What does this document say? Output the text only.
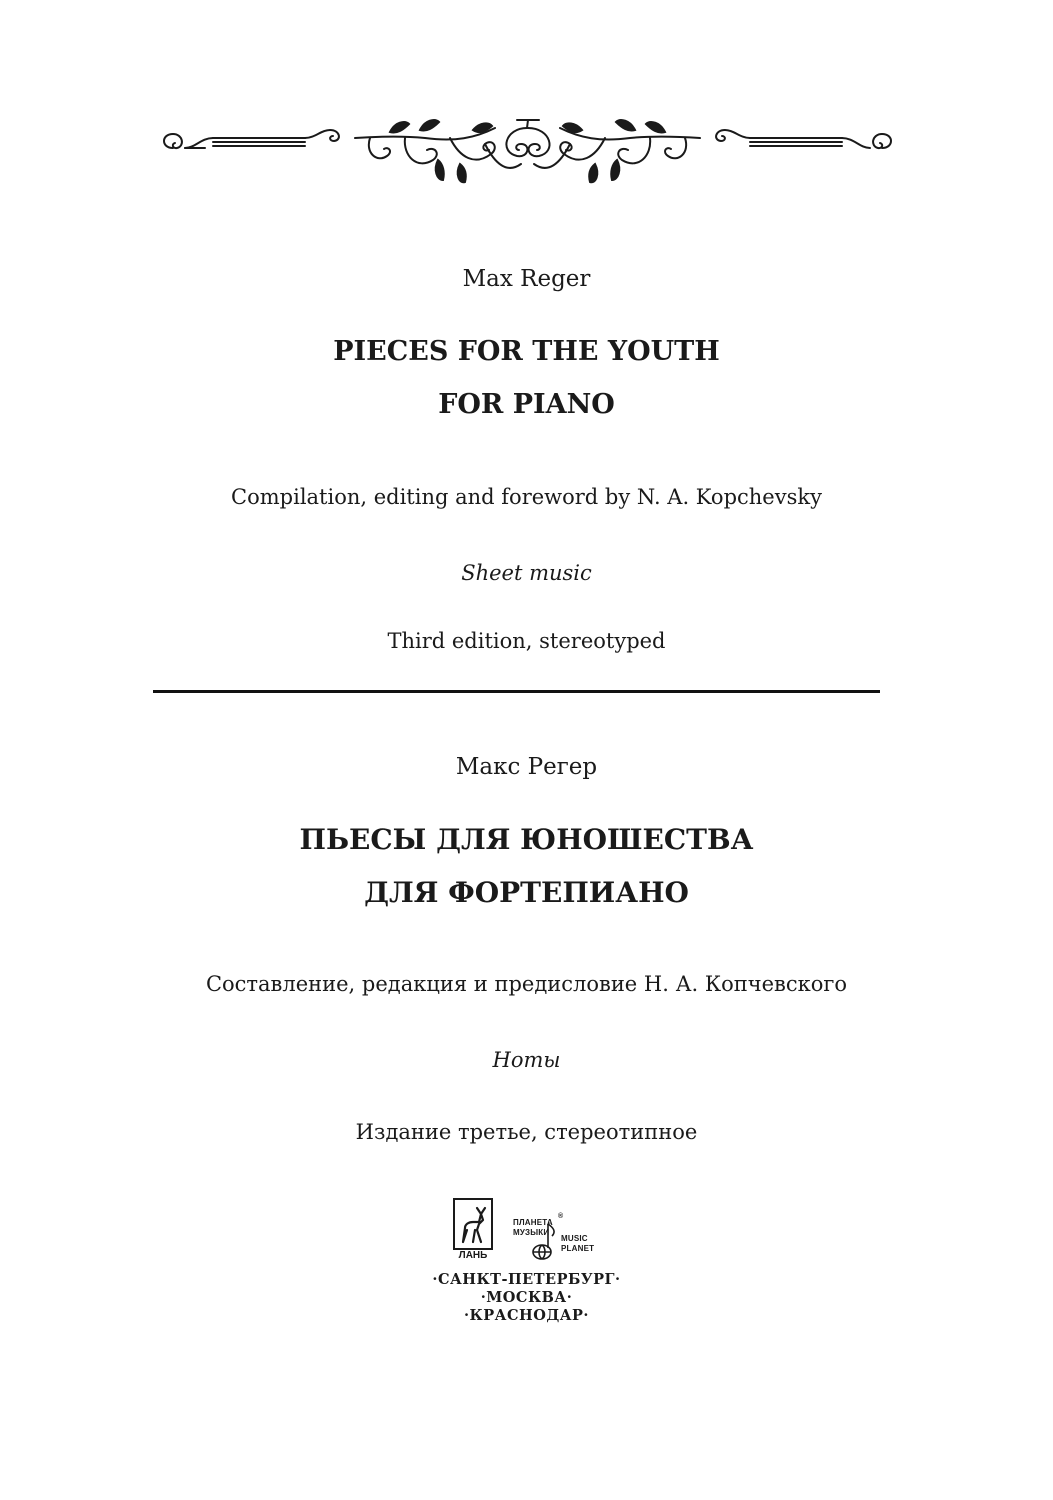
Max Reger
PIECES FOR THE YOUTH
FOR PIANO
Compilation, editing and foreword by N. A. Kopchevsky
Sheet music
Third edition, stereotyped
Макс Регер
ПЬЕСЫ ДЛЯ ЮНОШЕСТВА
ДЛЯ ФОРТЕПИАНО
Составление, редакция и предисловие Н. А. Копчевского
Ноты
Издание третье, стереотипное
ЛАНЬ
ПЛАНЕТА
МУЗЫКИ
®
MUSIC
PLANET
·САНКТ-ПЕТЕРБУРГ·
·МОСКВА·
·КРАСНОДАР·
